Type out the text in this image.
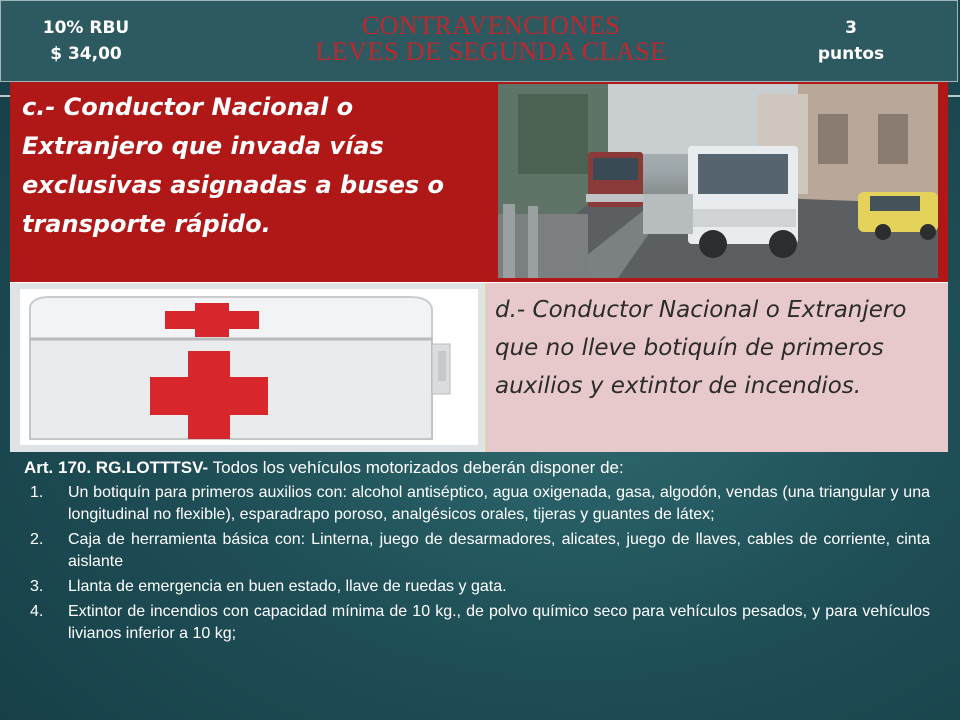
10% RBU
$ 34,00
CONTRAVENCIONES
LEVES DE SEGUNDA CLASE
3
puntos
c.- Conductor Nacional o Extranjero que invada vías exclusivas asignadas a buses o transporte rápido.
d.- Conductor Nacional o Extranjero que no lleve botiquín de primeros auxilios y extintor de incendios.
Art. 170. RG.LOTTTSV- Todos los vehículos motorizados deberán disponer de:
1. Un botiquín para primeros auxilios con: alcohol antiséptico, agua oxigenada, gasa, algodón, vendas (una triangular y una longitudinal no flexible), esparadrapo poroso, analgésicos orales, tijeras y guantes de látex;
2. Caja de herramienta básica con: Linterna, juego de desarmadores, alicates, juego de llaves, cables de corriente, cinta aislante
3. Llanta de emergencia en buen estado, llave de ruedas y gata.
4. Extintor de incendios con capacidad mínima de 10 kg., de polvo químico seco para vehículos pesados, y para vehículos livianos inferior a 10 kg;
